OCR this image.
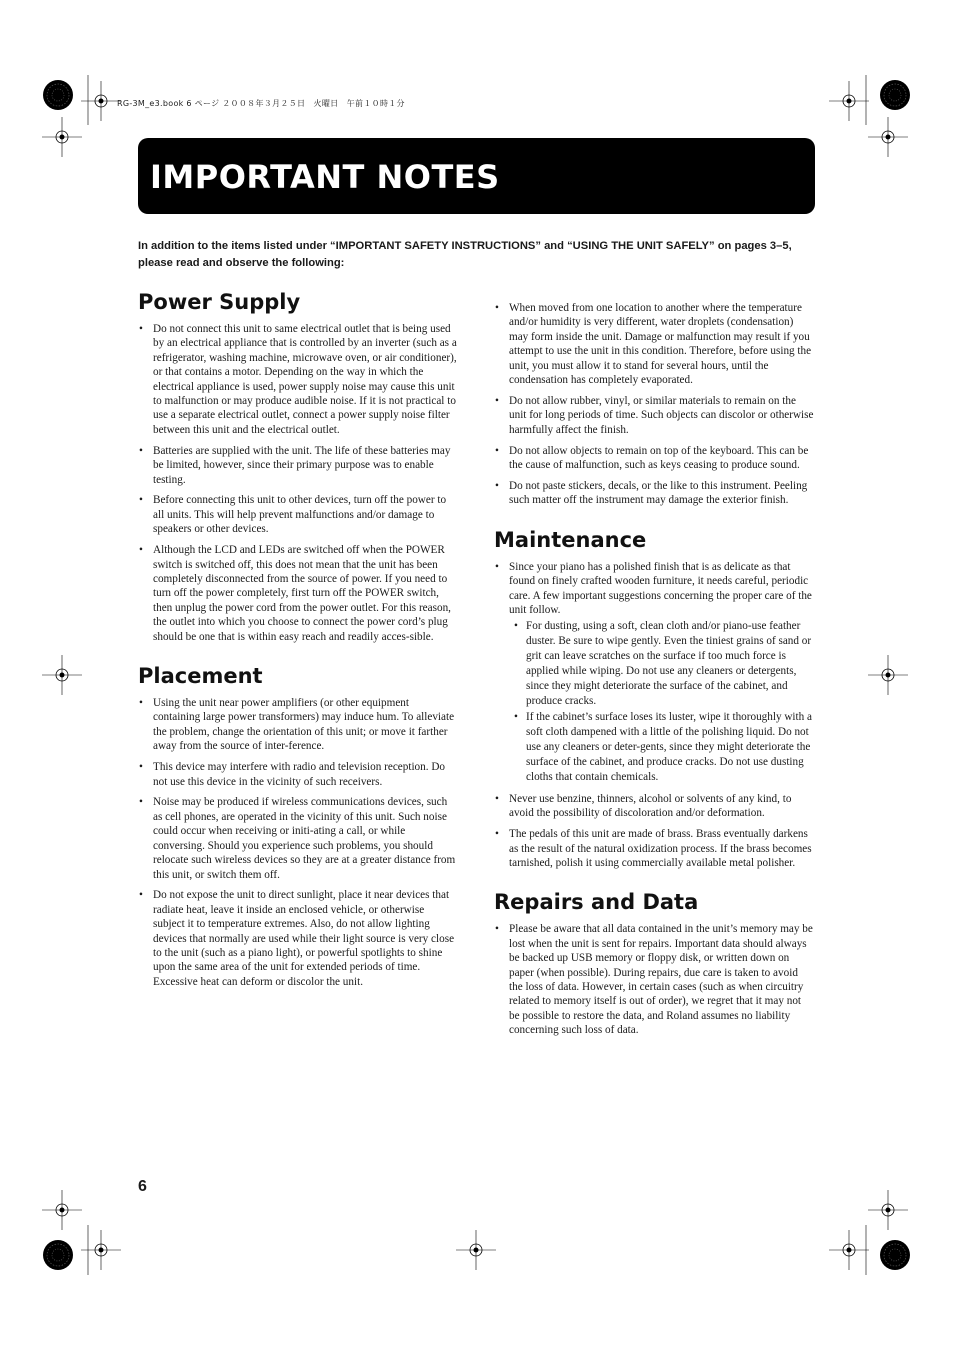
RG-3M_e3.book 6 ページ ２００８年３月２５日　火曜日　午前１０時１分
IMPORTANT NOTES
In addition to the items listed under “IMPORTANT SAFETY INSTRUCTIONS” and “USING THE UNIT SAFELY” on pages 3–5, please read and observe the following:
Power Supply
• Do not connect this unit to same electrical outlet that is being used by an electrical appliance that is controlled by an inverter (such as a refrigerator, washing machine, microwave oven, or air conditioner), or that contains a motor. Depending on the way in which the electrical appliance is used, power supply noise may cause this unit to malfunction or may produce audible noise. If it is not practical to use a separate electrical outlet, connect a power supply noise filter between this unit and the electrical outlet.
• Batteries are supplied with the unit. The life of these batteries may be limited, however, since their primary purpose was to enable testing.
• Before connecting this unit to other devices, turn off the power to all units. This will help prevent malfunctions and/or damage to speakers or other devices.
• Although the LCD and LEDs are switched off when the POWER switch is switched off, this does not mean that the unit has been completely disconnected from the source of power. If you need to turn off the power completely, first turn off the POWER switch, then unplug the power cord from the power outlet. For this reason, the outlet into which you choose to connect the power cord’s plug should be one that is within easy reach and readily acces-sible.
Placement
• Using the unit near power amplifiers (or other equipment containing large power transformers) may induce hum. To alleviate the problem, change the orientation of this unit; or move it farther away from the source of inter-ference.
• This device may interfere with radio and television reception. Do not use this device in the vicinity of such receivers.
• Noise may be produced if wireless communications devices, such as cell phones, are operated in the vicinity of this unit. Such noise could occur when receiving or initi-ating a call, or while conversing. Should you experience such problems, you should relocate such wireless devices so they are at a greater distance from this unit, or switch them off.
• Do not expose the unit to direct sunlight, place it near devices that radiate heat, leave it inside an enclosed vehicle, or otherwise subject it to temperature extremes. Also, do not allow lighting devices that normally are used while their light source is very close to the unit (such as a piano light), or powerful spotlights to shine upon the same area of the unit for extended periods of time. Excessive heat can deform or discolor the unit.
• When moved from one location to another where the temperature and/or humidity is very different, water droplets (condensation) may form inside the unit. Damage or malfunction may result if you attempt to use the unit in this condition. Therefore, before using the unit, you must allow it to stand for several hours, until the condensation has completely evaporated.
• Do not allow rubber, vinyl, or similar materials to remain on the unit for long periods of time. Such objects can discolor or otherwise harmfully affect the finish.
• Do not allow objects to remain on top of the keyboard. This can be the cause of malfunction, such as keys ceasing to produce sound.
• Do not paste stickers, decals, or the like to this instrument. Peeling such matter off the instrument may damage the exterior finish.
Maintenance
• Since your piano has a polished finish that is as delicate as that found on finely crafted wooden furniture, it needs careful, periodic care. A few important suggestions concerning the proper care of the unit follow.
• For dusting, using a soft, clean cloth and/or piano-use feather duster. Be sure to wipe gently. Even the tiniest grains of sand or grit can leave scratches on the surface if too much force is applied while wiping. Do not use any cleaners or detergents, since they might deteriorate the surface of the cabinet, and produce cracks.
• If the cabinet’s surface loses its luster, wipe it thoroughly with a soft cloth dampened with a little of the polishing liquid. Do not use any cleaners or deter-gents, since they might deteriorate the surface of the cabinet, and produce cracks. Do not use dusting cloths that contain chemicals.
• Never use benzine, thinners, alcohol or solvents of any kind, to avoid the possibility of discoloration and/or deformation.
• The pedals of this unit are made of brass. Brass eventually darkens as the result of the natural oxidization process. If the brass becomes tarnished, polish it using commercially available metal polisher.
Repairs and Data
• Please be aware that all data contained in the unit’s memory may be lost when the unit is sent for repairs. Important data should always be backed up USB memory or floppy disk, or written down on paper (when possible). During repairs, due care is taken to avoid the loss of data. However, in certain cases (such as when circuitry related to memory itself is out of order), we regret that it may not be possible to restore the data, and Roland assumes no liability concerning such loss of data.
6
